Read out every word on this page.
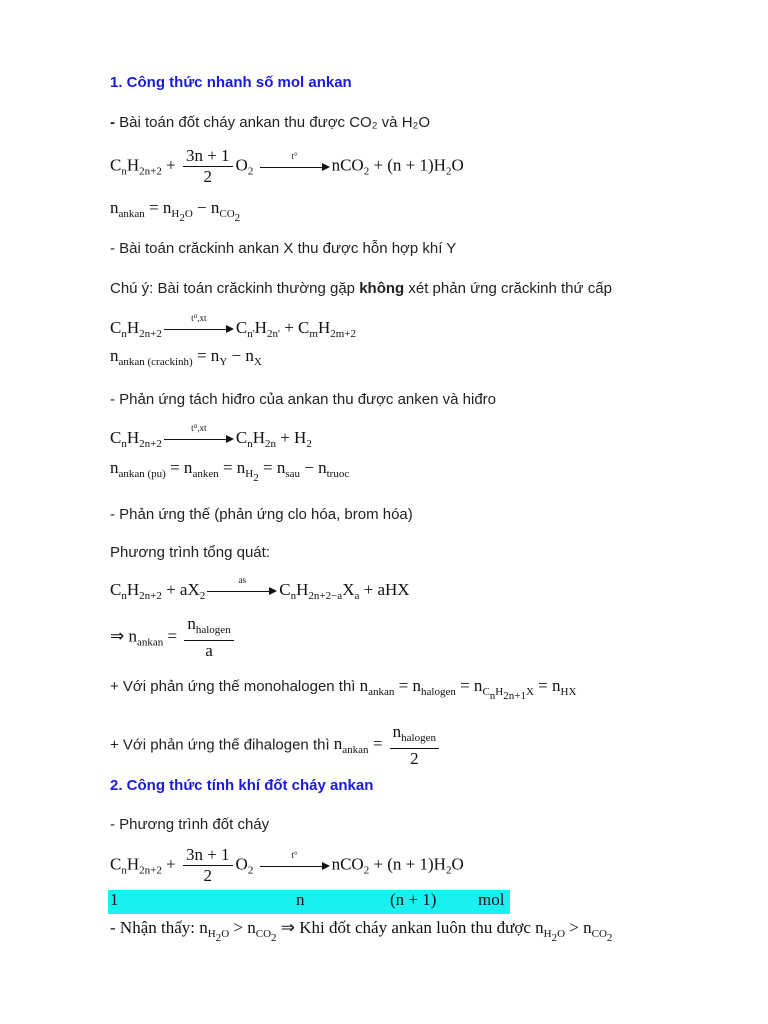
1. Công thức nhanh số mol ankan
- Bài toán đốt cháy ankan thu được CO₂ và H₂O
$C_nH_{2n+2} + \frac{3n + 1}{2} O_2$
t°	$nCO_2 + (n + 1)H_2O$
$n_{ankan} = n_{H_2O} - n_{CO_2}$
- Bài toán crăckinh ankan X thu được hỗn hợp khí Y
Chú ý: Bài toán crăckinh thường gặp không xét phản ứng crăckinh thứ cấp
$C_nH_{2n+2}$
t⁰,xt	$C_{n'}H_{2n'} + C_mH_{2m+2}$
$n_{ankan (crackinh)} = n_Y - n_X$
- Phản ứng tách hiđro của ankan thu được anken và hiđro
$C_nH_{2n+2}$
t⁰,xt	$C_nH_{2n} + H_2$
$n_{ankan (pu)} = n_{anken} = n_{H_2} = n_{sau} - n_{truoc}$
- Phản ứng thế (phản ứng clo hóa, brom hóa)
Phương trình tổng quát:
$C_nH_{2n+2} + aX_2$
as	$C_nH_{2n+2-a}X_a$ + aHX
⇒ $n_{ankan} = \frac{n_{halogen}}{a}$
+ Với phản ứng thế monohalogen thì $n_{ankan} = n_{halogen} = n_{C_nH_{2n+1}X} = n_{HX}$
+ Với phản ứng thế đihalogen thì $n_{ankan} = \frac{n_{halogen}}{2}$
2. Công thức tính khí đốt cháy ankan
- Phương trình đốt cháy
$C_nH_{2n+2} + \frac{3n + 1}{2} O_2$
t°	$nCO_2 + (n + 1)H_2O$
1	n	(n + 1) mol
- Nhận thấy: $n_{H_2O} > n_{CO_2}$ ⇒ Khi đốt cháy ankan luôn thu được $n_{H_2O} > n_{CO_2}$
